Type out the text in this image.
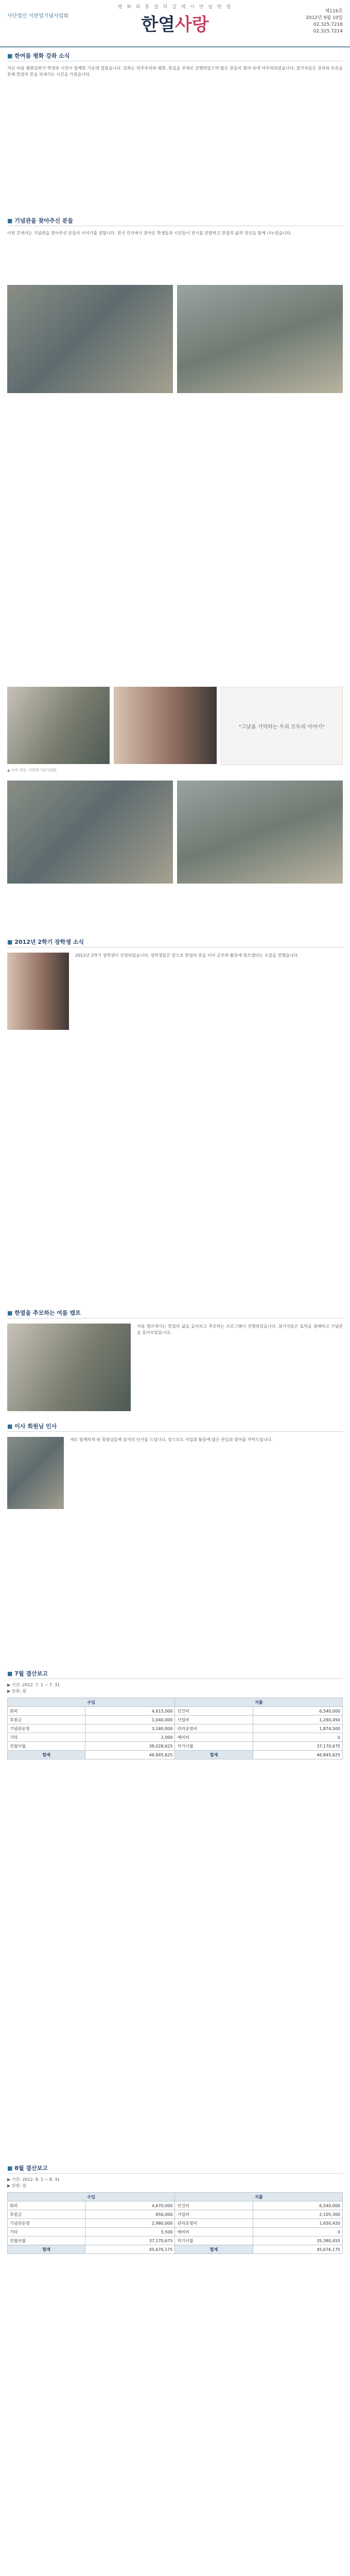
평 화 와 통 일 의 길 에 서 만 날 한 열
사단법인 이한열기념사업회	한열사랑
제116호
2012년 9월 10일
02.325.7216
02.325.7214
■ 한여름 평화 강좌 소식
지난 여름 평화강좌가 학생과 시민이 함께한 가운데 열렸습니다. 강좌는 민주주의와 평화, 통일을 주제로 진행되었으며 많은 분들의 참여 속에 마무리되었습니다. 참가자들은 강의와 토론을 통해 한열의 뜻을 되새기는 시간을 가졌습니다.
■ 기념관을 찾아주신 분들
이번 호에서는 기념관을 찾아주신 분들의 이야기를 전합니다. 전국 각지에서 찾아온 학생들과 시민들이 전시를 관람하고 한열의 삶과 정신을 함께 나누었습니다.
"그날을 기억하는 우리 모두의 이야기"
▲ 사진 제공: 이한열기념사업회
■ 2012년 2학기 장학생 소식
2012년 2학기 장학생이 선정되었습니다. 장학생들은 앞으로 한열의 뜻을 이어 공부와 활동에 힘쓰겠다는 소감을 전했습니다.
■ 한열을 추모하는 여름 캠프
여름 캠프에서는 한열의 삶을 돌아보고 추모하는 프로그램이 진행되었습니다. 참가자들은 묘역을 참배하고 기념관을 둘러보았습니다.
■ 이사 회원님 인사
새로 함께하게 된 회원님들께 감사의 인사를 드립니다. 앞으로도 사업회 활동에 많은 관심과 참여를 부탁드립니다.
■ 7월 결산보고
▶ 기간: 2012. 7. 1 ~ 7. 31
▶ 단위: 원
수입		지출	
회비	4,615,000	인건비	6,540,000
후원금	1,040,000	사업비	1,260,450
기념관운영	3,160,000	관리운영비	1,874,500
기타	2,000	예비비	0
전월이월	38,028,625	차기이월	37,170,675
합계	46,845,625	합계	46,845,625
■ 8월 결산보고
▶ 기간: 2012. 8. 1 ~ 8. 31
▶ 단위: 원
수입		지출	
회비	4,670,000	인건비	6,540,000
후원금	850,000	사업비	2,105,300
기념관운영	2,980,000	관리운영비	1,650,420
기타	5,500	예비비	0
전월이월	37,170,675	차기이월	35,380,455
합계	45,676,175	합계	45,676,175
